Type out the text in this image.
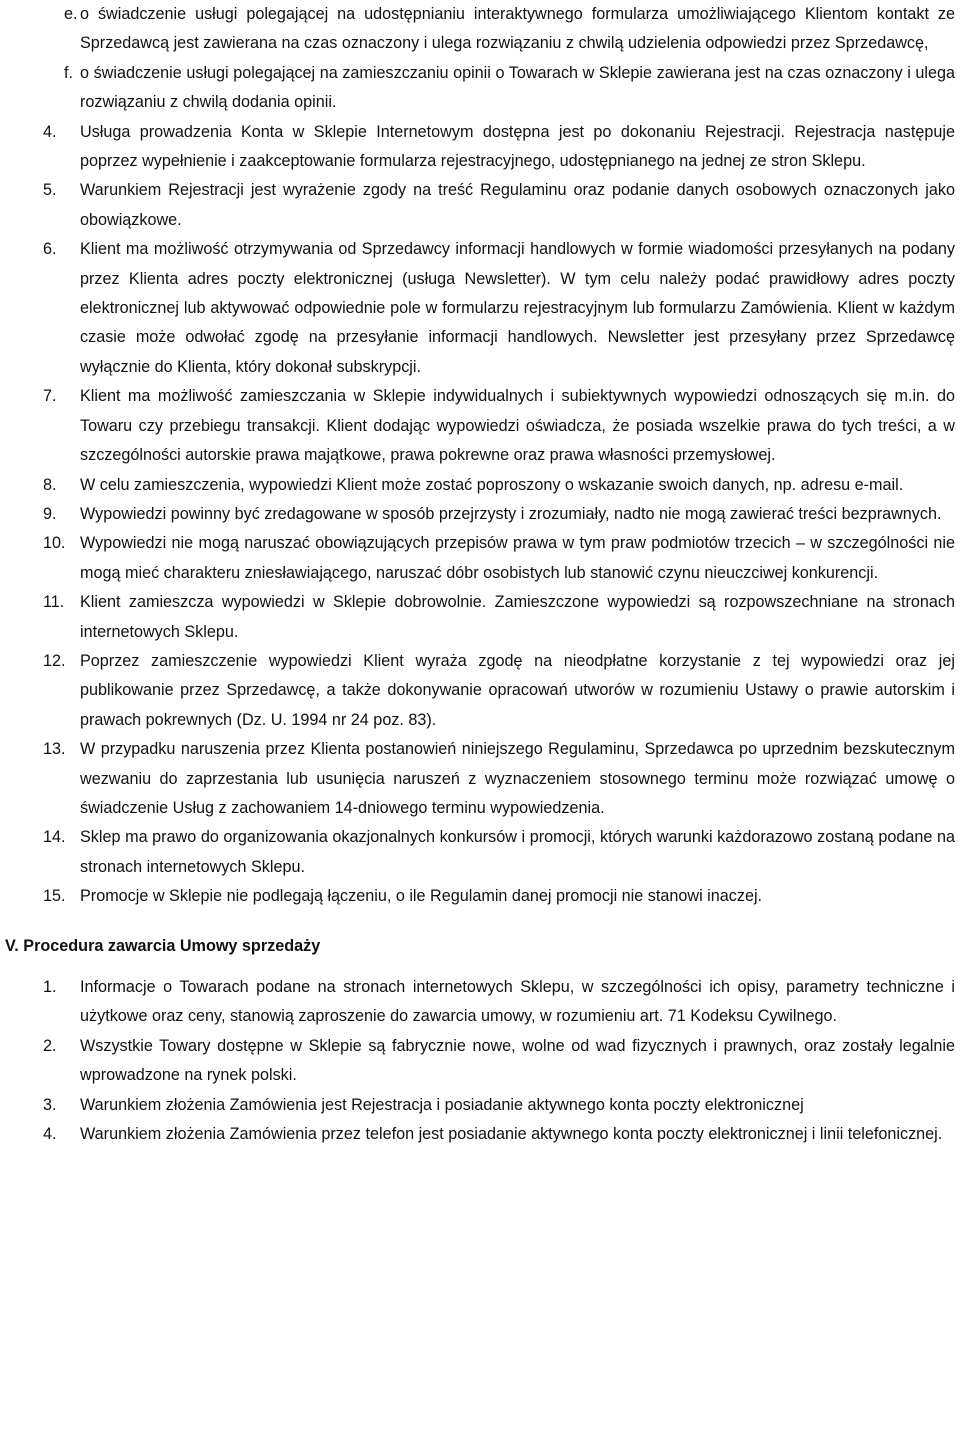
e. o świadczenie usługi polegającej na udostępnianiu interaktywnego formularza umożliwiającego Klientom kontakt ze Sprzedawcą jest zawierana na czas oznaczony i ulega rozwiązaniu z chwilą udzielenia odpowiedzi przez Sprzedawcę,
f. o świadczenie usługi polegającej na zamieszczaniu opinii o Towarach w Sklepie zawierana jest na czas oznaczony i ulega rozwiązaniu z chwilą dodania opinii.
4. Usługa prowadzenia Konta w Sklepie Internetowym dostępna jest po dokonaniu Rejestracji. Rejestracja następuje poprzez wypełnienie i zaakceptowanie formularza rejestracyjnego, udostępnianego na jednej ze stron Sklepu.
5. Warunkiem Rejestracji jest wyrażenie zgody na treść Regulaminu oraz podanie danych osobowych oznaczonych jako obowiązkowe.
6. Klient ma możliwość otrzymywania od Sprzedawcy informacji handlowych w formie wiadomości przesyłanych na podany przez Klienta adres poczty elektronicznej (usługa Newsletter). W tym celu należy podać prawidłowy adres poczty elektronicznej lub aktywować odpowiednie pole w formularzu rejestracyjnym lub formularzu Zamówienia. Klient w każdym czasie może odwołać zgodę na przesyłanie informacji handlowych. Newsletter jest przesyłany przez Sprzedawcę wyłącznie do Klienta, który dokonał subskrypcji.
7. Klient ma możliwość zamieszczania w Sklepie indywidualnych i subiektywnych wypowiedzi odnoszących się m.in. do Towaru czy przebiegu transakcji. Klient dodając wypowiedzi oświadcza, że posiada wszelkie prawa do tych treści, a w szczególności autorskie prawa majątkowe, prawa pokrewne oraz prawa własności przemysłowej.
8. W celu zamieszczenia, wypowiedzi Klient może zostać poproszony o wskazanie swoich danych, np. adresu e-mail.
9. Wypowiedzi powinny być zredagowane w sposób przejrzysty i zrozumiały, nadto nie mogą zawierać treści bezprawnych.
10. Wypowiedzi nie mogą naruszać obowiązujących przepisów prawa w tym praw podmiotów trzecich – w szczególności nie mogą mieć charakteru zniesławiającego, naruszać dóbr osobistych lub stanowić czynu nieuczciwej konkurencji.
11. Klient zamieszcza wypowiedzi w Sklepie dobrowolnie. Zamieszczone wypowiedzi są rozpowszechniane na stronach internetowych Sklepu.
12. Poprzez zamieszczenie wypowiedzi Klient wyraża zgodę na nieodpłatne korzystanie z tej wypowiedzi oraz jej publikowanie przez Sprzedawcę, a także dokonywanie opracowań utworów w rozumieniu Ustawy o prawie autorskim i prawach pokrewnych (Dz. U. 1994 nr 24 poz. 83).
13. W przypadku naruszenia przez Klienta postanowień niniejszego Regulaminu, Sprzedawca po uprzednim bezskutecznym wezwaniu do zaprzestania lub usunięcia naruszeń z wyznaczeniem stosownego terminu może rozwiązać umowę o świadczenie Usług z zachowaniem 14-dniowego terminu wypowiedzenia.
14. Sklep ma prawo do organizowania okazjonalnych konkursów i promocji, których warunki każdorazowo zostaną podane na stronach internetowych Sklepu.
15. Promocje w Sklepie nie podlegają łączeniu, o ile Regulamin danej promocji nie stanowi inaczej.
V. Procedura zawarcia Umowy sprzedaży
1. Informacje o Towarach podane na stronach internetowych Sklepu, w szczególności ich opisy, parametry techniczne i użytkowe oraz ceny, stanowią zaproszenie do zawarcia umowy, w rozumieniu art. 71 Kodeksu Cywilnego.
2. Wszystkie Towary dostępne w Sklepie są fabrycznie nowe, wolne od wad fizycznych i prawnych, oraz zostały legalnie wprowadzone na rynek polski.
3. Warunkiem złożenia Zamówienia jest Rejestracja i posiadanie aktywnego konta poczty elektronicznej
4. Warunkiem złożenia Zamówienia przez telefon jest posiadanie aktywnego konta poczty elektronicznej i linii telefonicznej.
